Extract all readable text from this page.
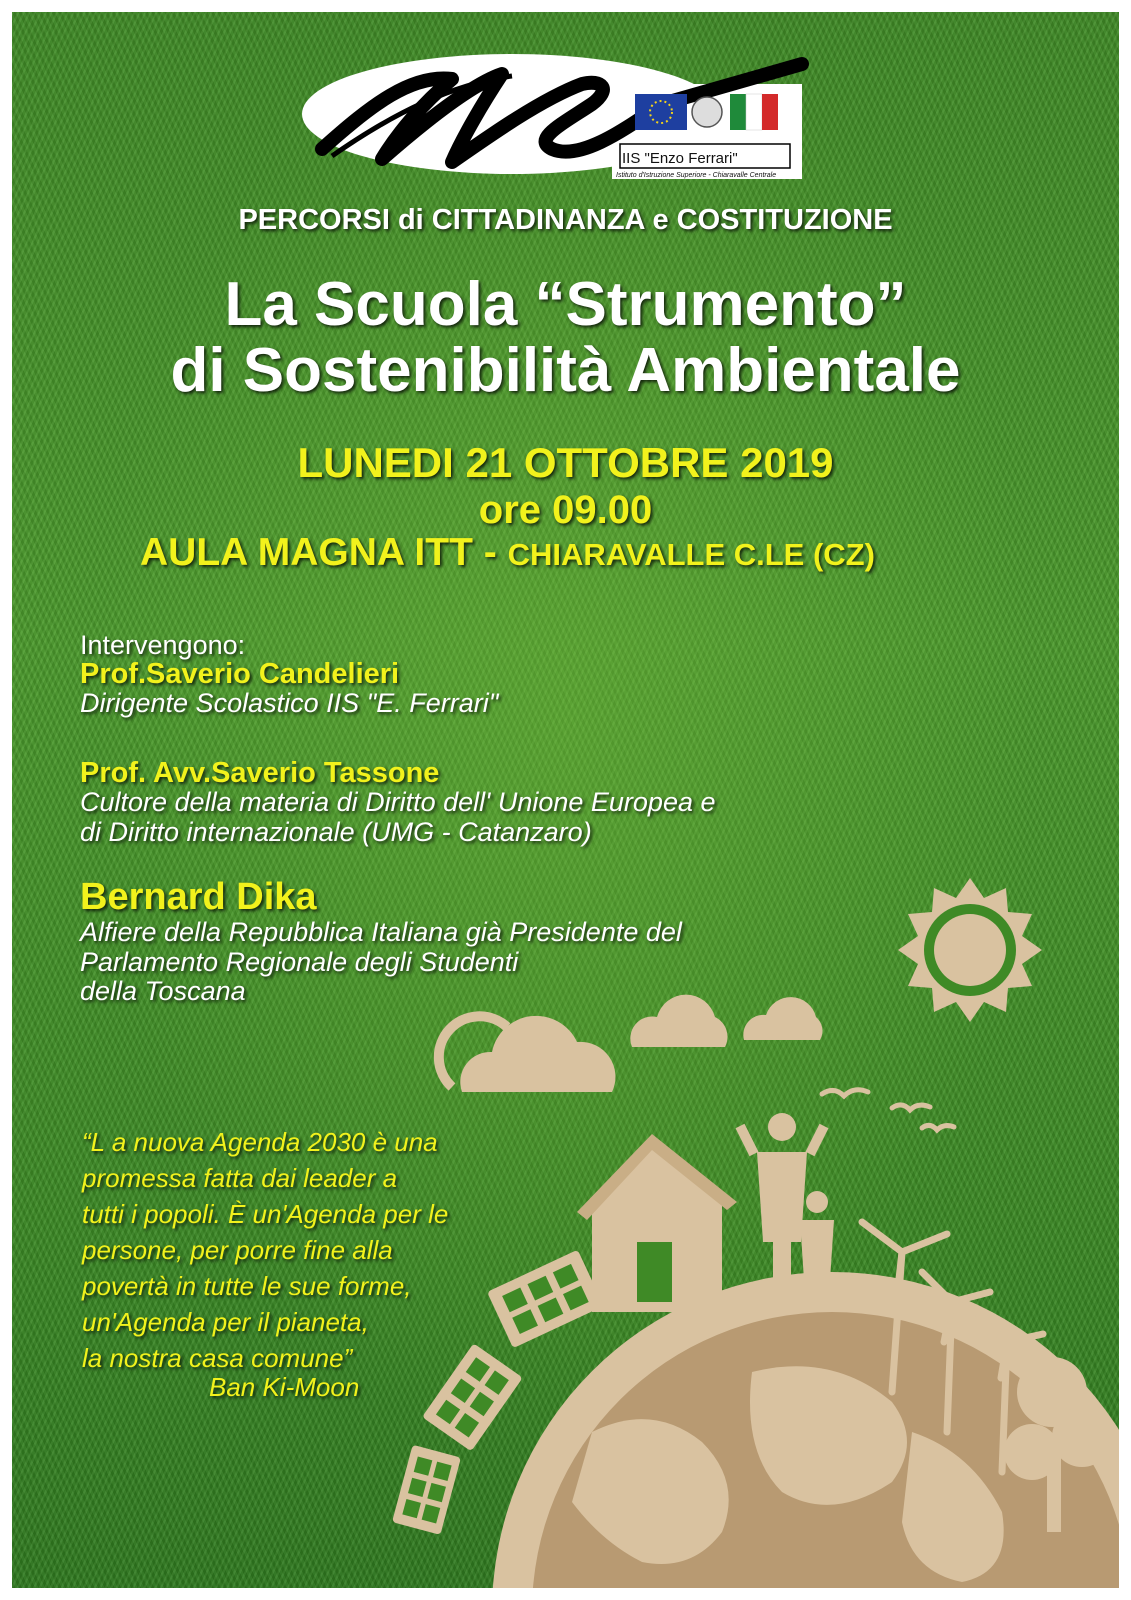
IIS "Enzo Ferrari"
Istituto d'Istruzione Superiore - Chiaravalle Centrale
PERCORSI di CITTADINANZA e COSTITUZIONE
La Scuola “Strumento”
di Sostenibilità Ambientale
LUNEDI 21 OTTOBRE 2019
ore 09.00
AULA MAGNA ITT - CHIARAVALLE C.LE (CZ)
Intervengono:
Prof.Saverio Candelieri
Dirigente Scolastico IIS "E. Ferrari"
Prof. Avv.Saverio Tassone
Cultore della materia di Diritto dell' Unione Europea e
di Diritto internazionale (UMG - Catanzaro)
Bernard Dika
Alfiere della Repubblica Italiana già Presidente del
Parlamento Regionale degli Studenti
della Toscana
“L a nuova Agenda 2030 è una
promessa fatta dai leader a
tutti i popoli. È un'Agenda per le
persone, per porre fine alla
povertà in tutte le sue forme,
un'Agenda per il pianeta,
la nostra casa comune”
Ban Ki-Moon
